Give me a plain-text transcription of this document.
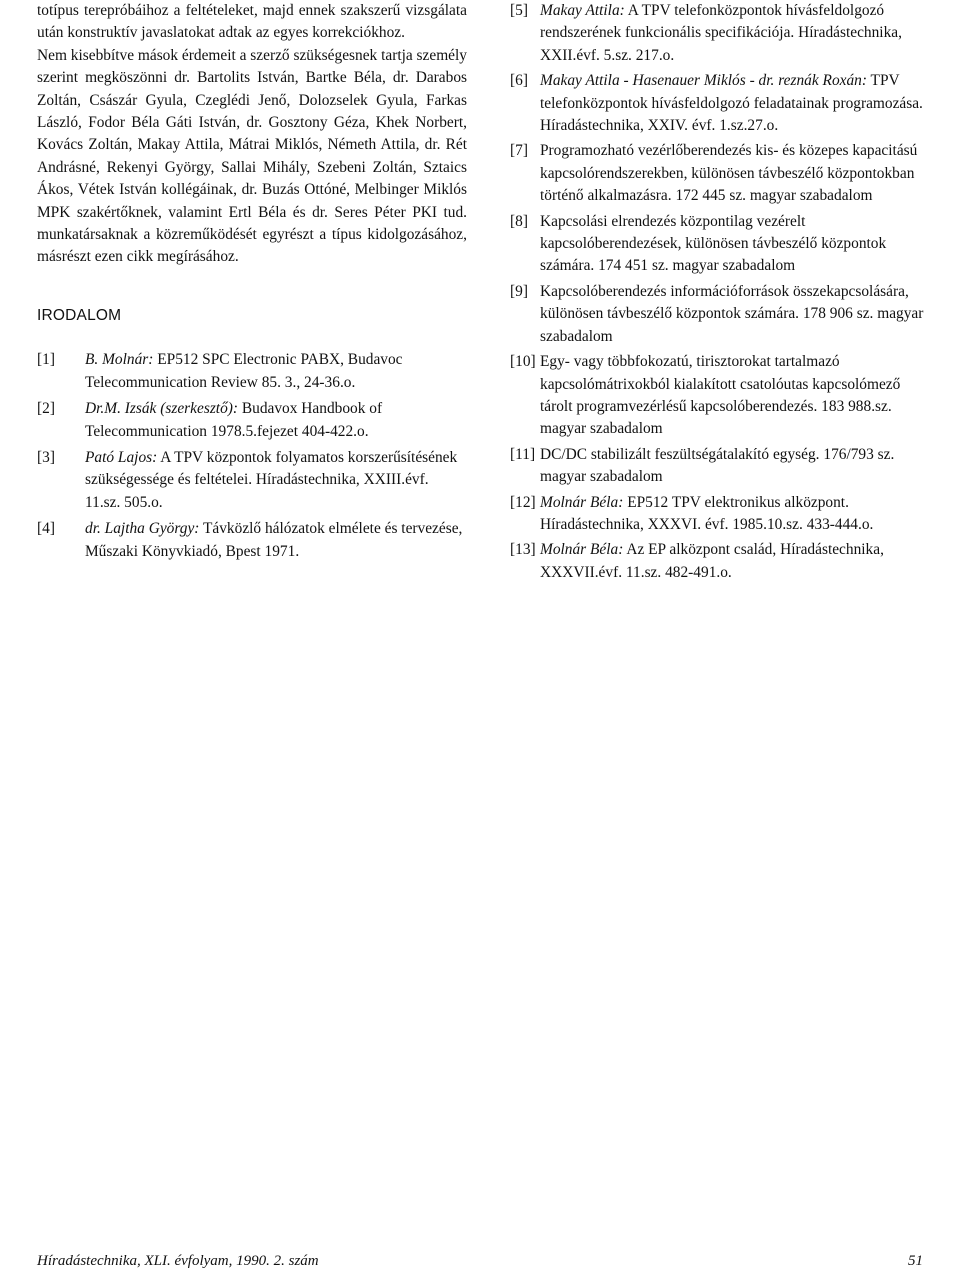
totípus terepróbáihoz a feltételeket, majd ennek szakszerű vizsgálata után konstruktív javaslatokat adtak az egyes korrekciókhoz.

Nem kisebbítve mások érdemeit a szerző szükségesnek tartja személy szerint megköszönni dr. Bartolits István, Bartke Béla, dr. Darabos Zoltán, Császár Gyula, Czeglédi Jenő, Dolozselek Gyula, Farkas László, Fodor Béla Gáti István, dr. Gosztony Géza, Khek Norbert, Kovács Zoltán, Makay Attila, Mátrai Miklós, Németh Attila, dr. Rét Andrásné, Rekenyi György, Sallai Mihály, Szebeni Zoltán, Sztaics Ákos, Vétek István kollégáinak, dr. Buzás Ottóné, Melbinger Miklós MPK szakértőknek, valamint Ertl Béla és dr. Seres Péter PKI tud. munkatársaknak a közreműködését egyrészt a típus kidolgozásához, másrészt ezen cikk megírásához.

IRODALOM
[1]	B. Molnár: EP512 SPC Electronic PABX, Budavoc Telecommunication Review 85. 3., 24-36.o.
[2]	Dr.M. Izsák (szerkesztő): Budavox Handbook of Telecommunication 1978.5.fejezet 404-422.o.
[3]	Pató Lajos: A TPV központok folyamatos korszerűsítésének szükségessége és feltételei. Híradástechnika, XXIII.évf. 11.sz. 505.o.
[4]	dr. Lajtha György: Távközlő hálózatok elmélete és tervezése, Műszaki Könyvkiadó, Bpest 1971.
[5] Makay Attila: A TPV telefonközpontok hívásfeldolgozó rendszerének funkcionális specifikációja. Híradástechnika, XXII.évf. 5.sz. 217.o.
[6] Makay Attila - Hasenauer Miklós - dr. reznák Roxán: TPV telefonközpontok hívásfeldolgozó feladatainak programozása. Híradástechnika, XXIV. évf. 1.sz.27.o.
[7] Programozható vezérlőberendezés kis- és közepes kapacitású kapcsolórendszerekben, különösen távbeszélő központokban történő alkalmazásra. 172 445 sz. magyar szabadalom
[8] Kapcsolási elrendezés központilag vezérelt kapcsolóberendezések, különösen távbeszélő központok számára. 174 451 sz. magyar szabadalom
[9] Kapcsolóberendezés információforrások összekapcsolására, különösen távbeszélő központok számára. 178 906 sz. magyar szabadalom
[10] Egy- vagy többfokozatú, tirisztorokat tartalmazó kapcsolómátrixokból kialakított csatolóutas kapcsolómező tárolt programvezérlésű kapcsolóberendezés. 183 988.sz. magyar szabadalom
[11] DC/DC stabilizált feszültségátalakító egység. 176/793 sz. magyar szabadalom
[12] Molnár Béla: EP512 TPV elektronikus alközpont. Híradástechnika, XXXVI. évf. 1985.10.sz. 433-444.o.
[13] Molnár Béla: Az EP alközpont család, Híradástechnika, XXXVII.évf. 11.sz. 482-491.o.
Híradástechnika, XLI. évfolyam, 1990. 2. szám	51
